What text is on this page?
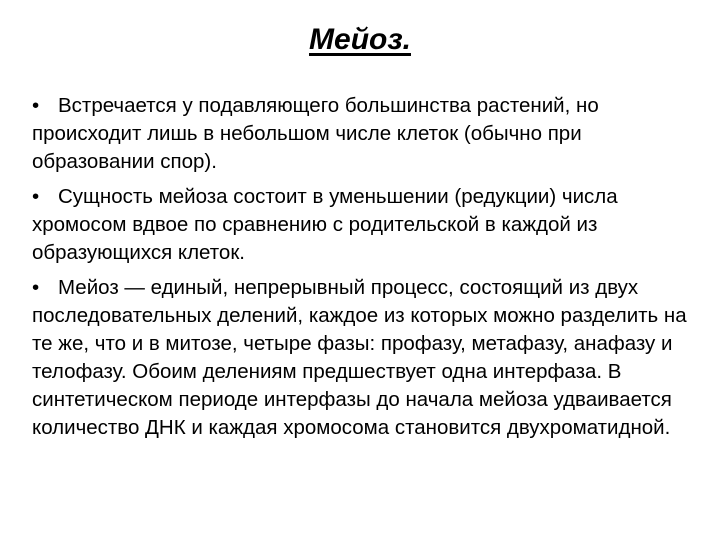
Мейоз.

• Встречается у подавляющего большинства растений, но происходит лишь в небольшом числе клеток (обычно при образовании спор).

• Сущность мейоза состоит в уменьшении (редукции) числа хромосом вдвое по сравнению с родительской в каждой из образующихся клеток.

• Мейоз — единый, непрерывный процесс, состоящий из двух последовательных делений, каждое из которых можно разделить на те же, что и в митозе, четыре фазы: профазу, метафазу, анафазу и телофазу. Обоим делениям предшествует одна интерфаза. В синтетическом периоде интерфазы до начала мейоза удваивается количество ДНК и каждая хромосома становится двухроматидной.
